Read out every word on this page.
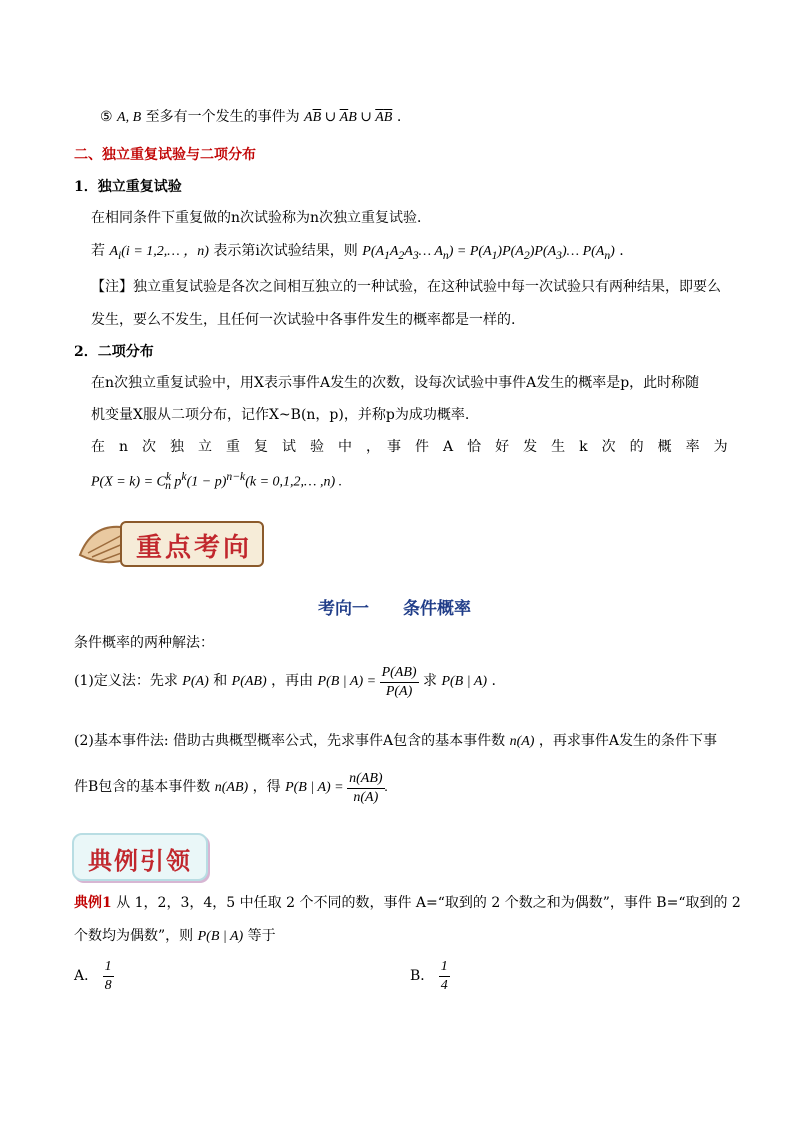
⑤ A, B 至多有一个发生的事件为 $A\overline{B}$ ∪ $\overline{A}B$ ∪ $\overline{A}\overline{B}$ .
二、独立重复试验与二项分布
1．独立重复试验
在相同条件下重复做的n次试验称为n次独立重复试验．
若 $A_i(i$ = 1,2,… ，n) 表示第i次试验结果，则 $P(A_1A_2A_3\dots$ $A_n$) = $P(A_1)P(A_2)P(A_3)\dots$ $P(A_n)$ .
【注】独立重复试验是各次之间相互独立的一种试验，在这种试验中每一次试验只有两种结果，即要么
发生，要么不发生，且任何一次试验中各事件发生的概率都是一样的.
2．二项分布
在n次独立重复试验中，用X表示事件A发生的次数，设每次试验中事件A发生的概率是p，此时称随
机变量X服从二项分布，记作X~B(n，p)，并称p为成功概率.
在　n　次　独　立　重　复　试　验　中　，　事　件　A　恰　好　发　生　k　次　的　概　率　为
$P(X = k) = C^k_n$ $p^k(1 - p)^{n-k}(k$ = 0,1,2,… ,n) .
重点考向
考向一　　条件概率
条件概率的两种解法：
(1)定义法：先求 P(A) 和 P(AB) ，再由 P(B | $A) = \frac{P(AB)}{P(A)}$ 求 P(B | A) .
(2)基本事件法: 借助古典概型概率公式，先求事件A包含的基本事件数 n(A) ，再求事件A发生的条件下事
件B包含的基本事件数 n(AB) ，得 P(B | $A) = \frac{n(AB)}{n(A)}$ .
典例引领
典例1 从 1，2，3，4，5 中任取 2 个不同的数，事件 A=“取到的 2 个数之和为偶数”，事件 B=“取到的 2
个数均为偶数”，则 P(B | A) 等于
A． $\frac{1}{8}$	B． $\frac{1}{4}$
